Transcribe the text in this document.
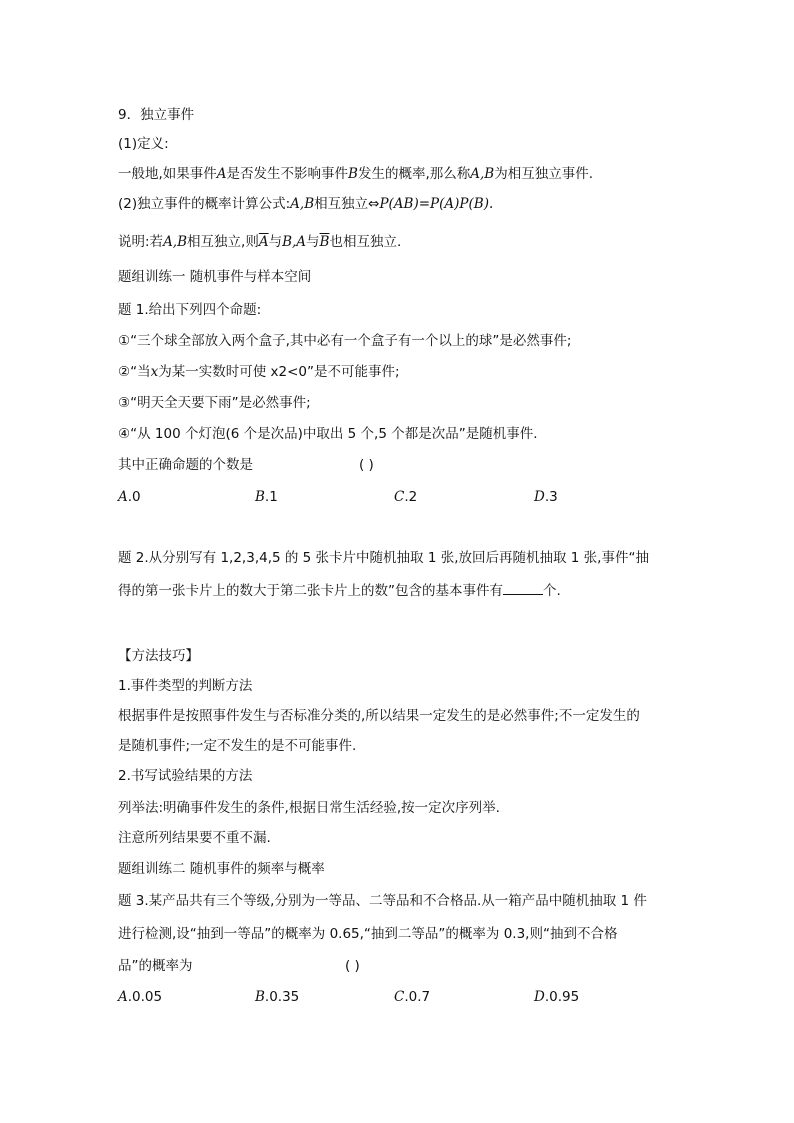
9．独立事件
(1)定义:
一般地,如果事件A是否发生不影响事件B发生的概率,那么称A,B为相互独立事件.
(2)独立事件的概率计算公式:A,B相互独立⇔P(AB)=P(A)P(B).
说明:若A,B相互独立,则$\overline{A}$与B,A与$\overline{B}$也相互独立.
题组训练一 随机事件与样本空间
题 1.给出下列四个命题:
①“三个球全部放入两个盒子,其中必有一个盒子有一个以上的球”是必然事件;
②“当x为某一实数时可使 x2<0”是不可能事件;
③“明天全天要下雨”是必然事件;
④“从 100 个灯泡(6 个是次品)中取出 5 个,5 个都是次品”是随机事件.
其中正确命题的个数是	( )
A.0	B.1	C.2	D.3
题 2.从分别写有 1,2,3,4,5 的 5 张卡片中随机抽取 1 张,放回后再随机抽取 1 张,事件“抽
得的第一张卡片上的数大于第二张卡片上的数”包含的基本事件有	个.
【方法技巧】
1.事件类型的判断方法
根据事件是按照事件发生与否标准分类的,所以结果一定发生的是必然事件;不一定发生的
是随机事件;一定不发生的是不可能事件.
2.书写试验结果的方法
列举法:明确事件发生的条件,根据日常生活经验,按一定次序列举.
注意所列结果要不重不漏.
题组训练二 随机事件的频率与概率
题 3.某产品共有三个等级,分别为一等品、二等品和不合格品.从一箱产品中随机抽取 1 件
进行检测,设“抽到一等品”的概率为 0.65,“抽到二等品”的概率为 0.3,则“抽到不合格
品”的概率为	( )
A.0.05	B.0.35	C.0.7	D.0.95
